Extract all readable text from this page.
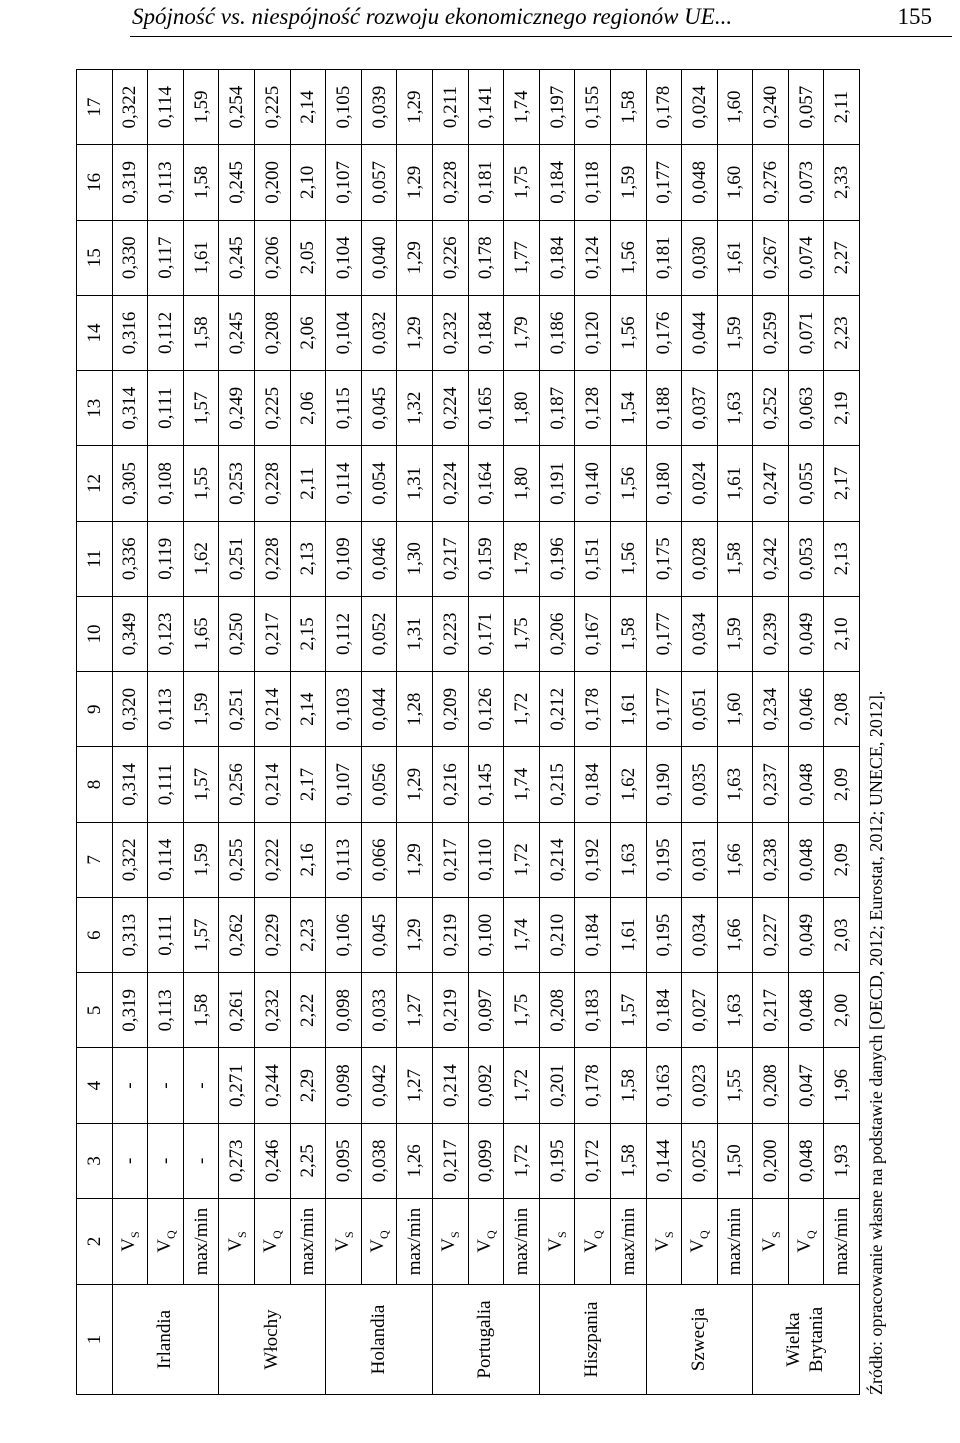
Spójność vs. niespójność rozwoju ekonomicznego regionów UE...	155
1	2	3	4	5	6	7	8	9	10	11	12	13	14	15	16	17
Irlandia	$V_S$	-	-	0,319	0,313	0,322	0,314	0,320	0,349	0,336	0,305	0,314	0,316	0,330	0,319	0,322
	$V_Q$	-	-	0,113	0,111	0,114	0,111	0,113	0,123	0,119	0,108	0,111	0,112	0,117	0,113	0,114
	max/min	-	-	1,58	1,57	1,59	1,57	1,59	1,65	1,62	1,55	1,57	1,58	1,61	1,58	1,59
Włochy	$V_S$	0,273	0,271	0,261	0,262	0,255	0,256	0,251	0,250	0,251	0,253	0,249	0,245	0,245	0,245	0,254
	$V_Q$	0,246	0,244	0,232	0,229	0,222	0,214	0,214	0,217	0,228	0,228	0,225	0,208	0,206	0,200	0,225
	max/min	2,25	2,29	2,22	2,23	2,16	2,17	2,14	2,15	2,13	2,11	2,06	2,06	2,05	2,10	2,14
Holandia	$V_S$	0,095	0,098	0,098	0,106	0,113	0,107	0,103	0,112	0,109	0,114	0,115	0,104	0,104	0,107	0,105
	$V_Q$	0,038	0,042	0,033	0,045	0,066	0,056	0,044	0,052	0,046	0,054	0,045	0,032	0,040	0,057	0,039
	max/min	1,26	1,27	1,27	1,29	1,29	1,29	1,28	1,31	1,30	1,31	1,32	1,29	1,29	1,29	1,29
Portugalia	$V_S$	0,217	0,214	0,219	0,219	0,217	0,216	0,209	0,223	0,217	0,224	0,224	0,232	0,226	0,228	0,211
	$V_Q$	0,099	0,092	0,097	0,100	0,110	0,145	0,126	0,171	0,159	0,164	0,165	0,184	0,178	0,181	0,141
	max/min	1,72	1,72	1,75	1,74	1,72	1,74	1,72	1,75	1,78	1,80	1,80	1,79	1,77	1,75	1,74
Hiszpania	$V_S$	0,195	0,201	0,208	0,210	0,214	0,215	0,212	0,206	0,196	0,191	0,187	0,186	0,184	0,184	0,197
	$V_Q$	0,172	0,178	0,183	0,184	0,192	0,184	0,178	0,167	0,151	0,140	0,128	0,120	0,124	0,118	0,155
	max/min	1,58	1,58	1,57	1,61	1,63	1,62	1,61	1,58	1,56	1,56	1,54	1,56	1,56	1,59	1,58
Szwecja	$V_S$	0,144	0,163	0,184	0,195	0,195	0,190	0,177	0,177	0,175	0,180	0,188	0,176	0,181	0,177	0,178
	$V_Q$	0,025	0,023	0,027	0,034	0,031	0,035	0,051	0,034	0,028	0,024	0,037	0,044	0,030	0,048	0,024
	max/min	1,50	1,55	1,63	1,66	1,66	1,63	1,60	1,59	1,58	1,61	1,63	1,59	1,61	1,60	1,60
Wielka Brytania	$V_S$	0,200	0,208	0,217	0,227	0,238	0,237	0,234	0,239	0,242	0,247	0,252	0,259	0,267	0,276	0,240
	$V_Q$	0,048	0,047	0,048	0,049	0,048	0,048	0,046	0,049	0,053	0,055	0,063	0,071	0,074	0,073	0,057
	max/min	1,93	1,96	2,00	2,03	2,09	2,09	2,08	2,10	2,13	2,17	2,19	2,23	2,27	2,33	2,11
Źródło: opracowanie własne na podstawie danych [OECD, 2012; Eurostat, 2012; UNECE, 2012].
